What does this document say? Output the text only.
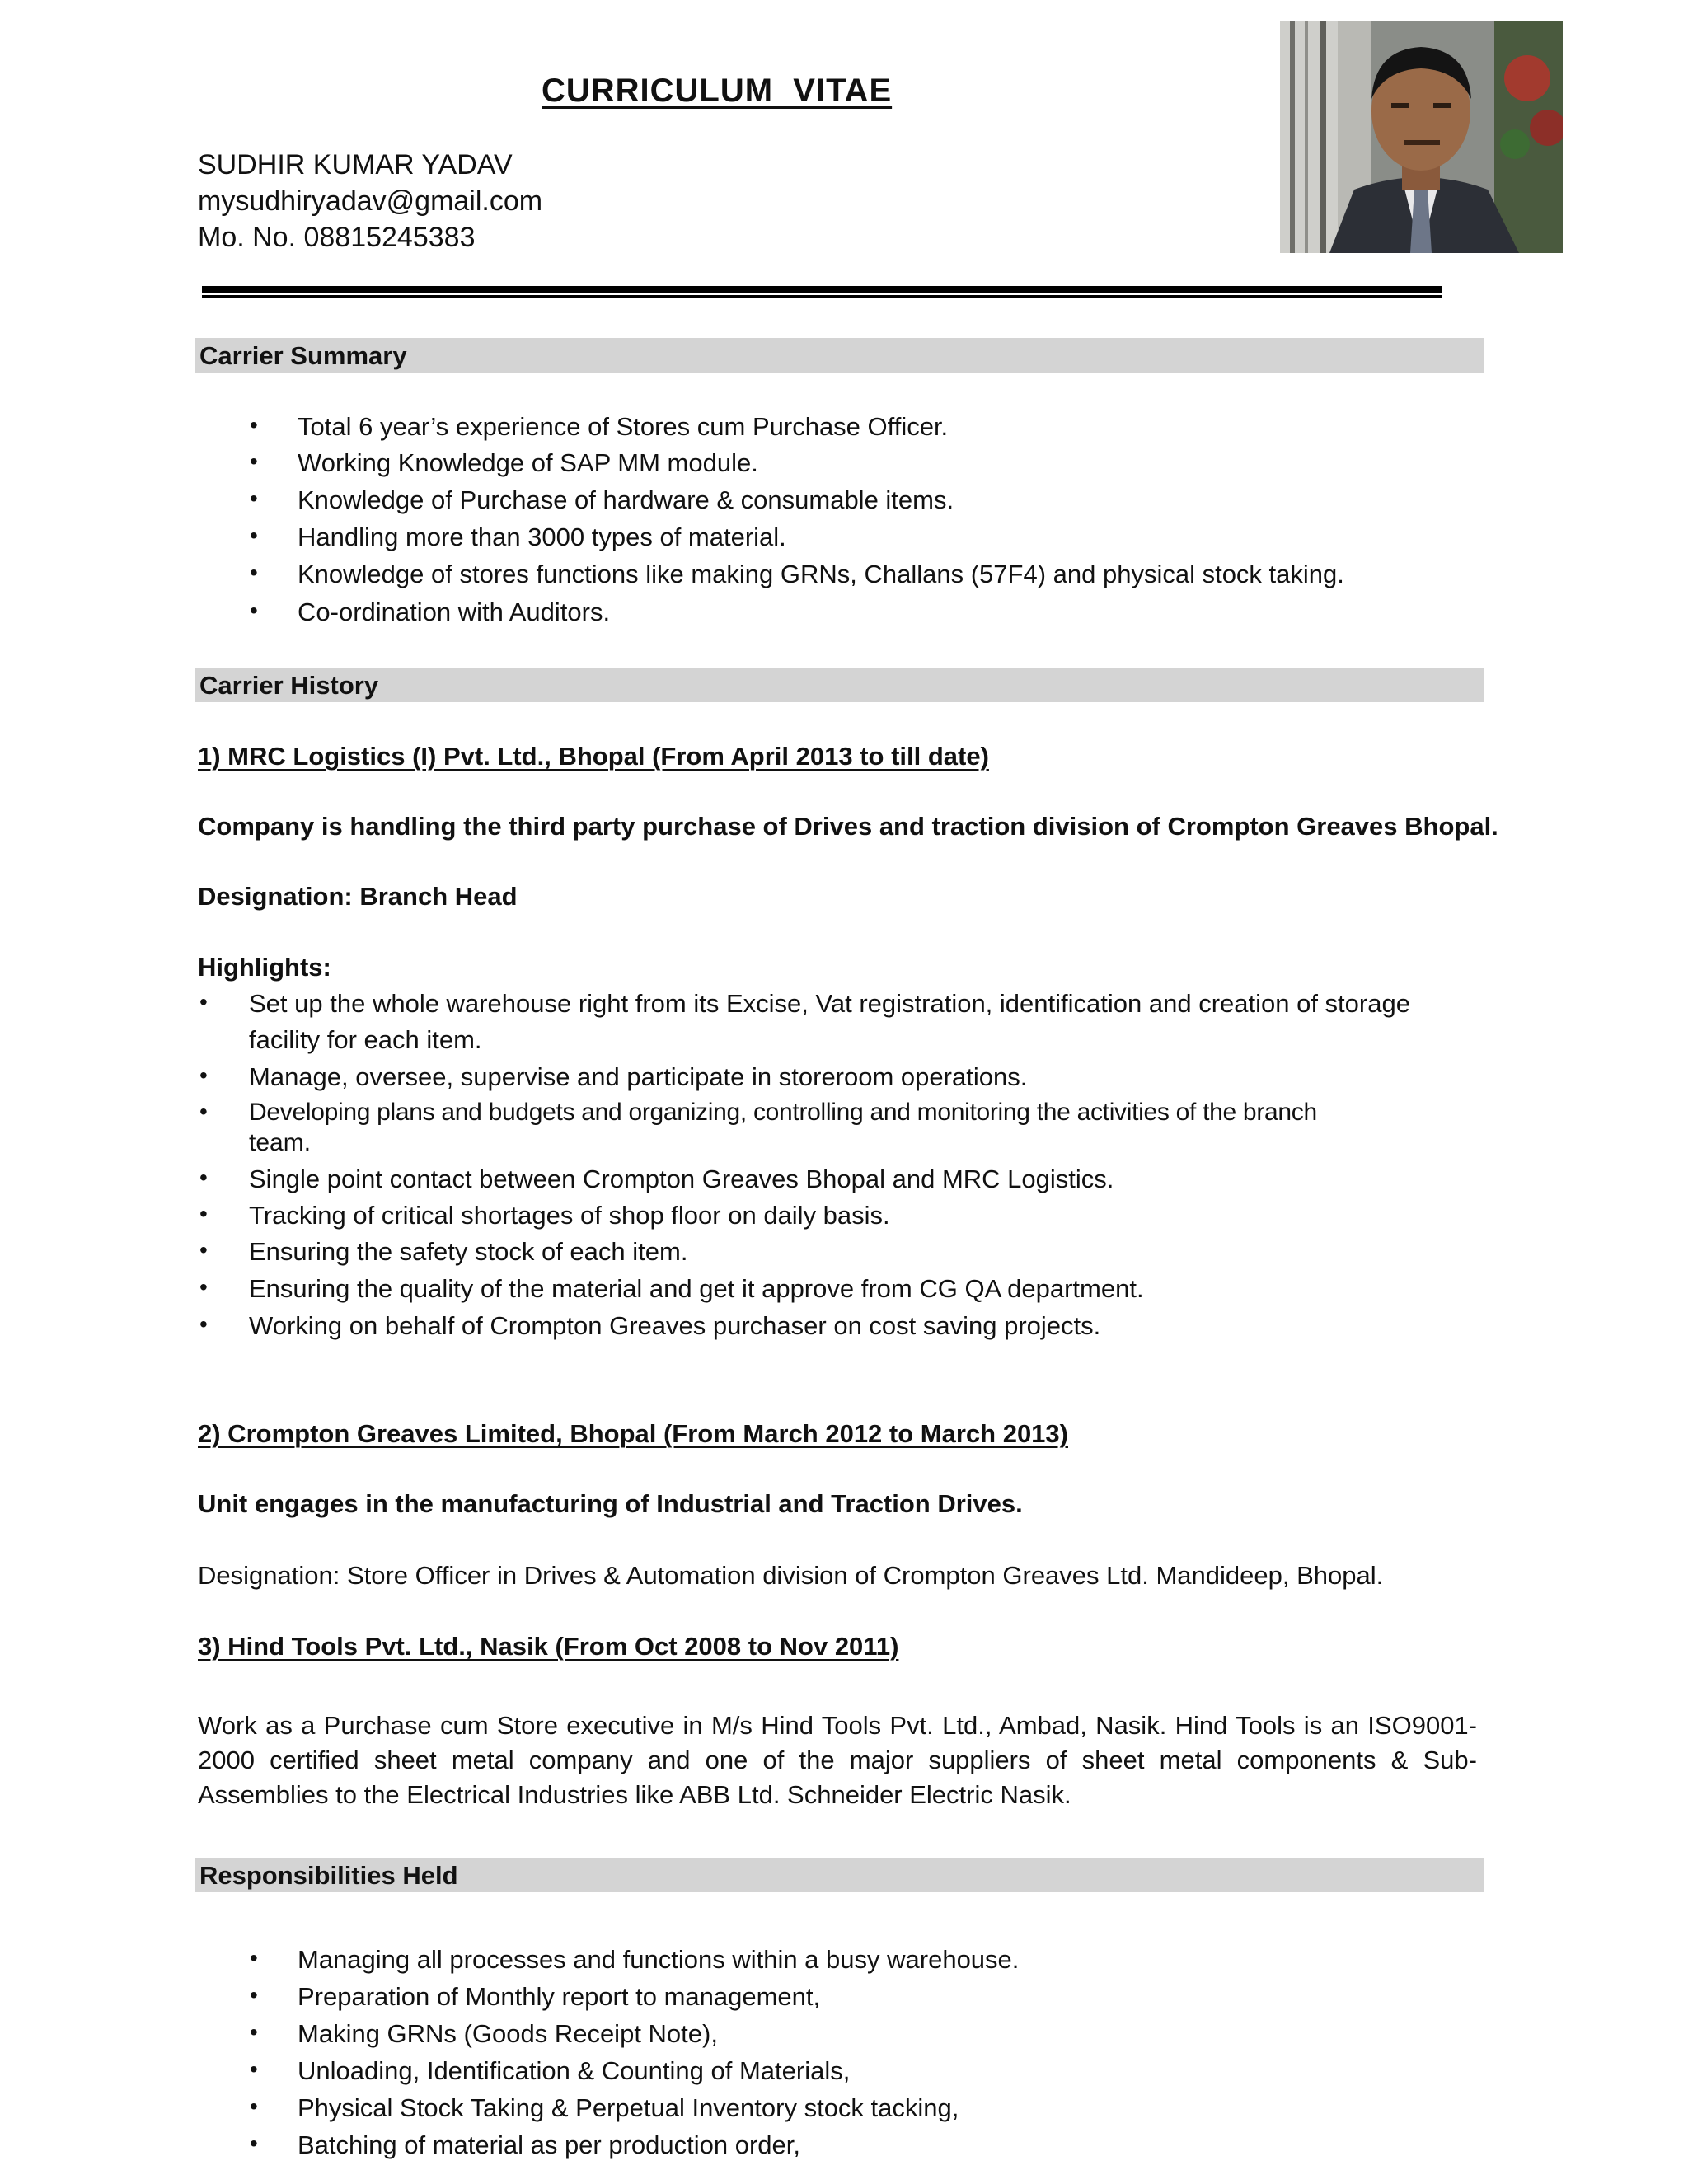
CURRICULUM  VITAE
SUDHIR KUMAR YADAV
mysudhiryadav@gmail.com
Mo. No. 08815245383
Carrier Summary
• Total 6 year’s experience of Stores cum Purchase Officer.
• Working Knowledge of SAP MM module.
• Knowledge of Purchase of hardware & consumable items.
• Handling more than 3000 types of material.
• Knowledge of stores functions like making GRNs, Challans (57F4) and physical stock taking.
• Co-ordination with Auditors.
Carrier History
1) MRC Logistics (I) Pvt. Ltd., Bhopal (From April 2013 to till date)
Company is handling the third party purchase of Drives and traction division of Crompton Greaves Bhopal.
Designation: Branch Head
Highlights:
• Set up the whole warehouse right from its Excise, Vat registration, identification and creation of storage
facility for each item.
• Manage, oversee, supervise and participate in storeroom operations.
• Developing plans and budgets and organizing, controlling and monitoring the activities of the branch
team.
• Single point contact between Crompton Greaves Bhopal and MRC Logistics.
• Tracking of critical shortages of shop floor on daily basis.
• Ensuring the safety stock of each item.
• Ensuring the quality of the material and get it approve from CG QA department.
• Working on behalf of Crompton Greaves purchaser on cost saving projects.
2) Crompton Greaves Limited, Bhopal (From March 2012 to March 2013)
Unit engages in the manufacturing of Industrial and Traction Drives.
Designation: Store Officer in Drives & Automation division of Crompton Greaves Ltd. Mandideep, Bhopal.
3) Hind Tools Pvt. Ltd., Nasik (From Oct 2008 to Nov 2011)
Work as a Purchase cum Store executive in M/s Hind Tools Pvt. Ltd., Ambad, Nasik. Hind Tools is an ISO9001-2000 certified sheet metal company and one of the major suppliers of sheet metal components & Sub-Assemblies to the Electrical Industries like ABB Ltd. Schneider Electric Nasik.
Responsibilities Held
• Managing all processes and functions within a busy warehouse.
• Preparation of Monthly report to management,
• Making GRNs (Goods Receipt Note),
• Unloading, Identification & Counting of Materials,
• Physical Stock Taking & Perpetual Inventory stock tacking,
• Batching of material as per production order,
